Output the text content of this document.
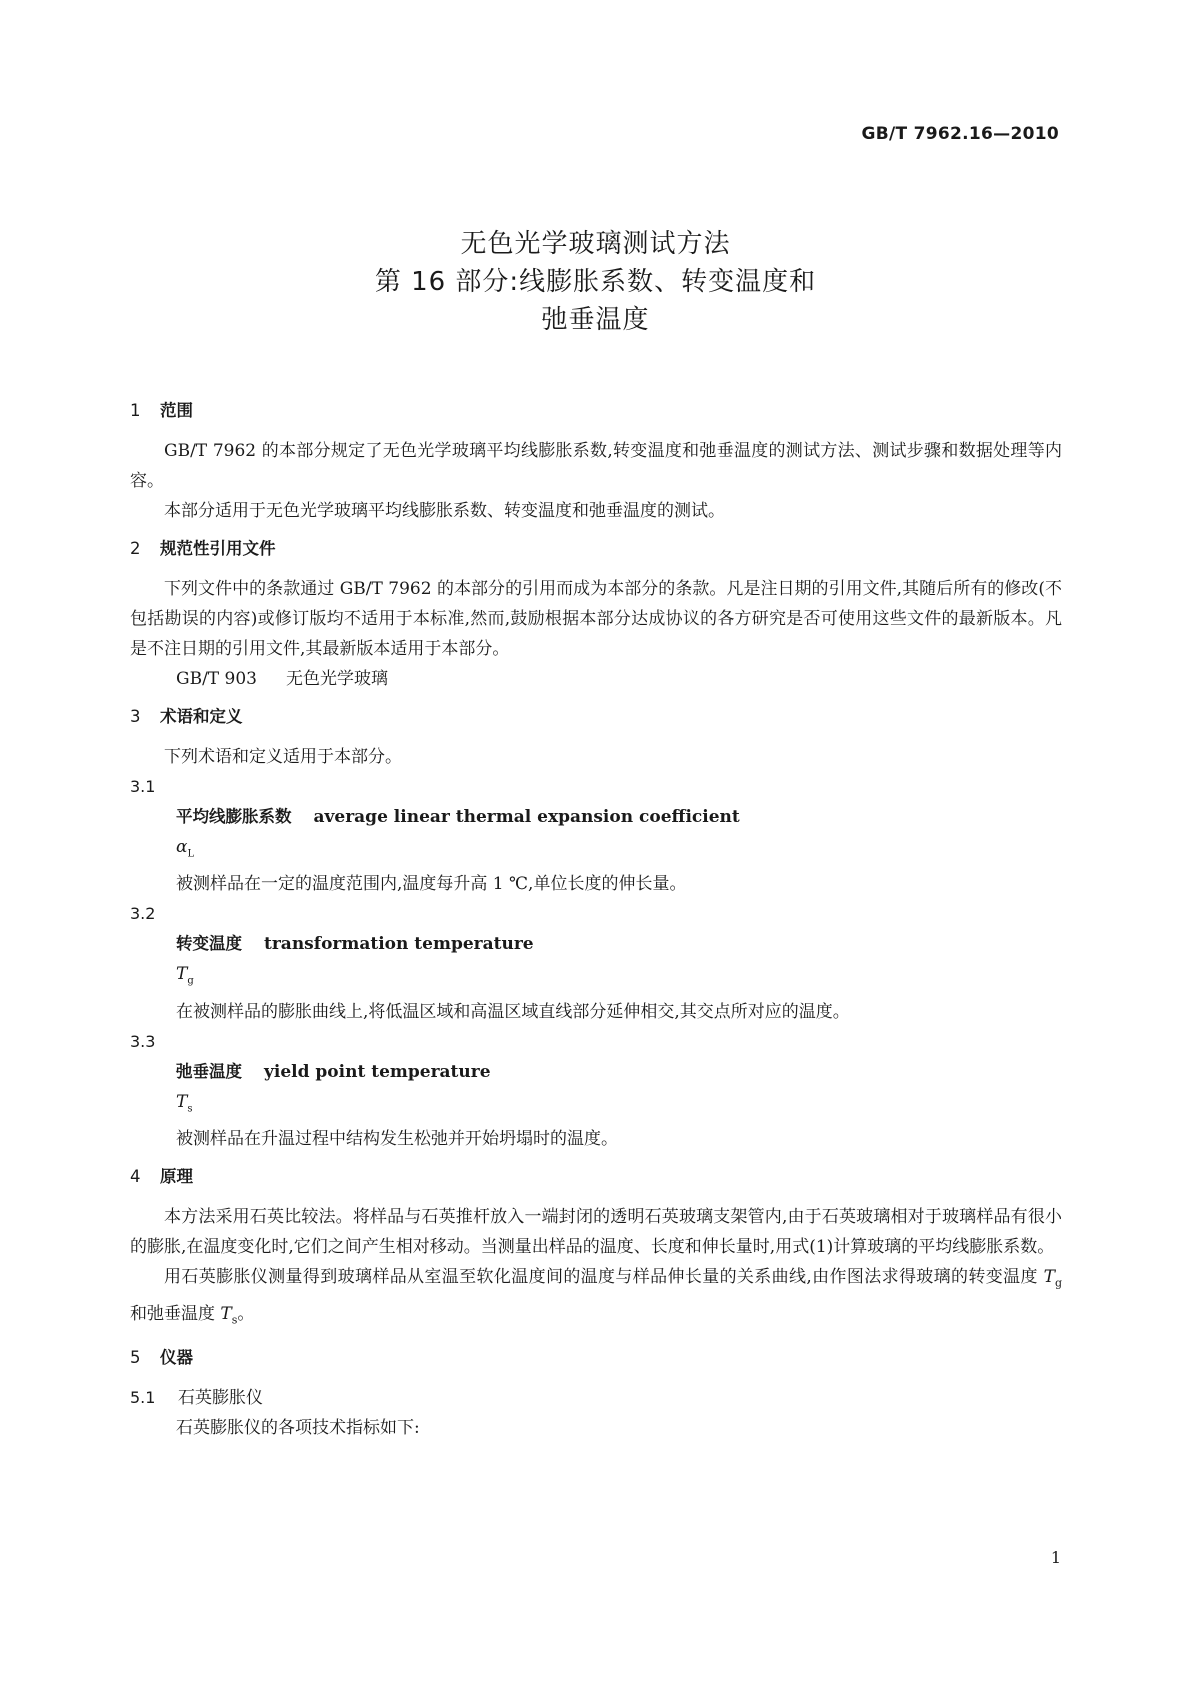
GB/T 7962.16—2010
无色光学玻璃测试方法
第 16 部分:线膨胀系数、转变温度和
弛垂温度
1 范围
GB/T 7962 的本部分规定了无色光学玻璃平均线膨胀系数,转变温度和弛垂温度的测试方法、测试步骤和数据处理等内容。
本部分适用于无色光学玻璃平均线膨胀系数、转变温度和弛垂温度的测试。
2 规范性引用文件
下列文件中的条款通过 GB/T 7962 的本部分的引用而成为本部分的条款。凡是注日期的引用文件,其随后所有的修改(不包括勘误的内容)或修订版均不适用于本标准,然而,鼓励根据本部分达成协议的各方研究是否可使用这些文件的最新版本。凡是不注日期的引用文件,其最新版本适用于本部分。
GB/T 903 无色光学玻璃
3 术语和定义
下列术语和定义适用于本部分。
3.1
平均线膨胀系数 average linear thermal expansion coefficient
$\alpha_L$
被测样品在一定的温度范围内,温度每升高 1 ℃,单位长度的伸长量。
3.2
转变温度 transformation temperature
$T_g$
在被测样品的膨胀曲线上,将低温区域和高温区域直线部分延伸相交,其交点所对应的温度。
3.3
弛垂温度 yield point temperature
$T_s$
被测样品在升温过程中结构发生松弛并开始坍塌时的温度。
4 原理
本方法采用石英比较法。将样品与石英推杆放入一端封闭的透明石英玻璃支架管内,由于石英玻璃相对于玻璃样品有很小的膨胀,在温度变化时,它们之间产生相对移动。当测量出样品的温度、长度和伸长量时,用式(1)计算玻璃的平均线膨胀系数。
用石英膨胀仪测量得到玻璃样品从室温至软化温度间的温度与样品伸长量的关系曲线,由作图法求得玻璃的转变温度 $T_g$ 和弛垂温度 $T_s$。
5 仪器
5.1 石英膨胀仪
石英膨胀仪的各项技术指标如下:
1
